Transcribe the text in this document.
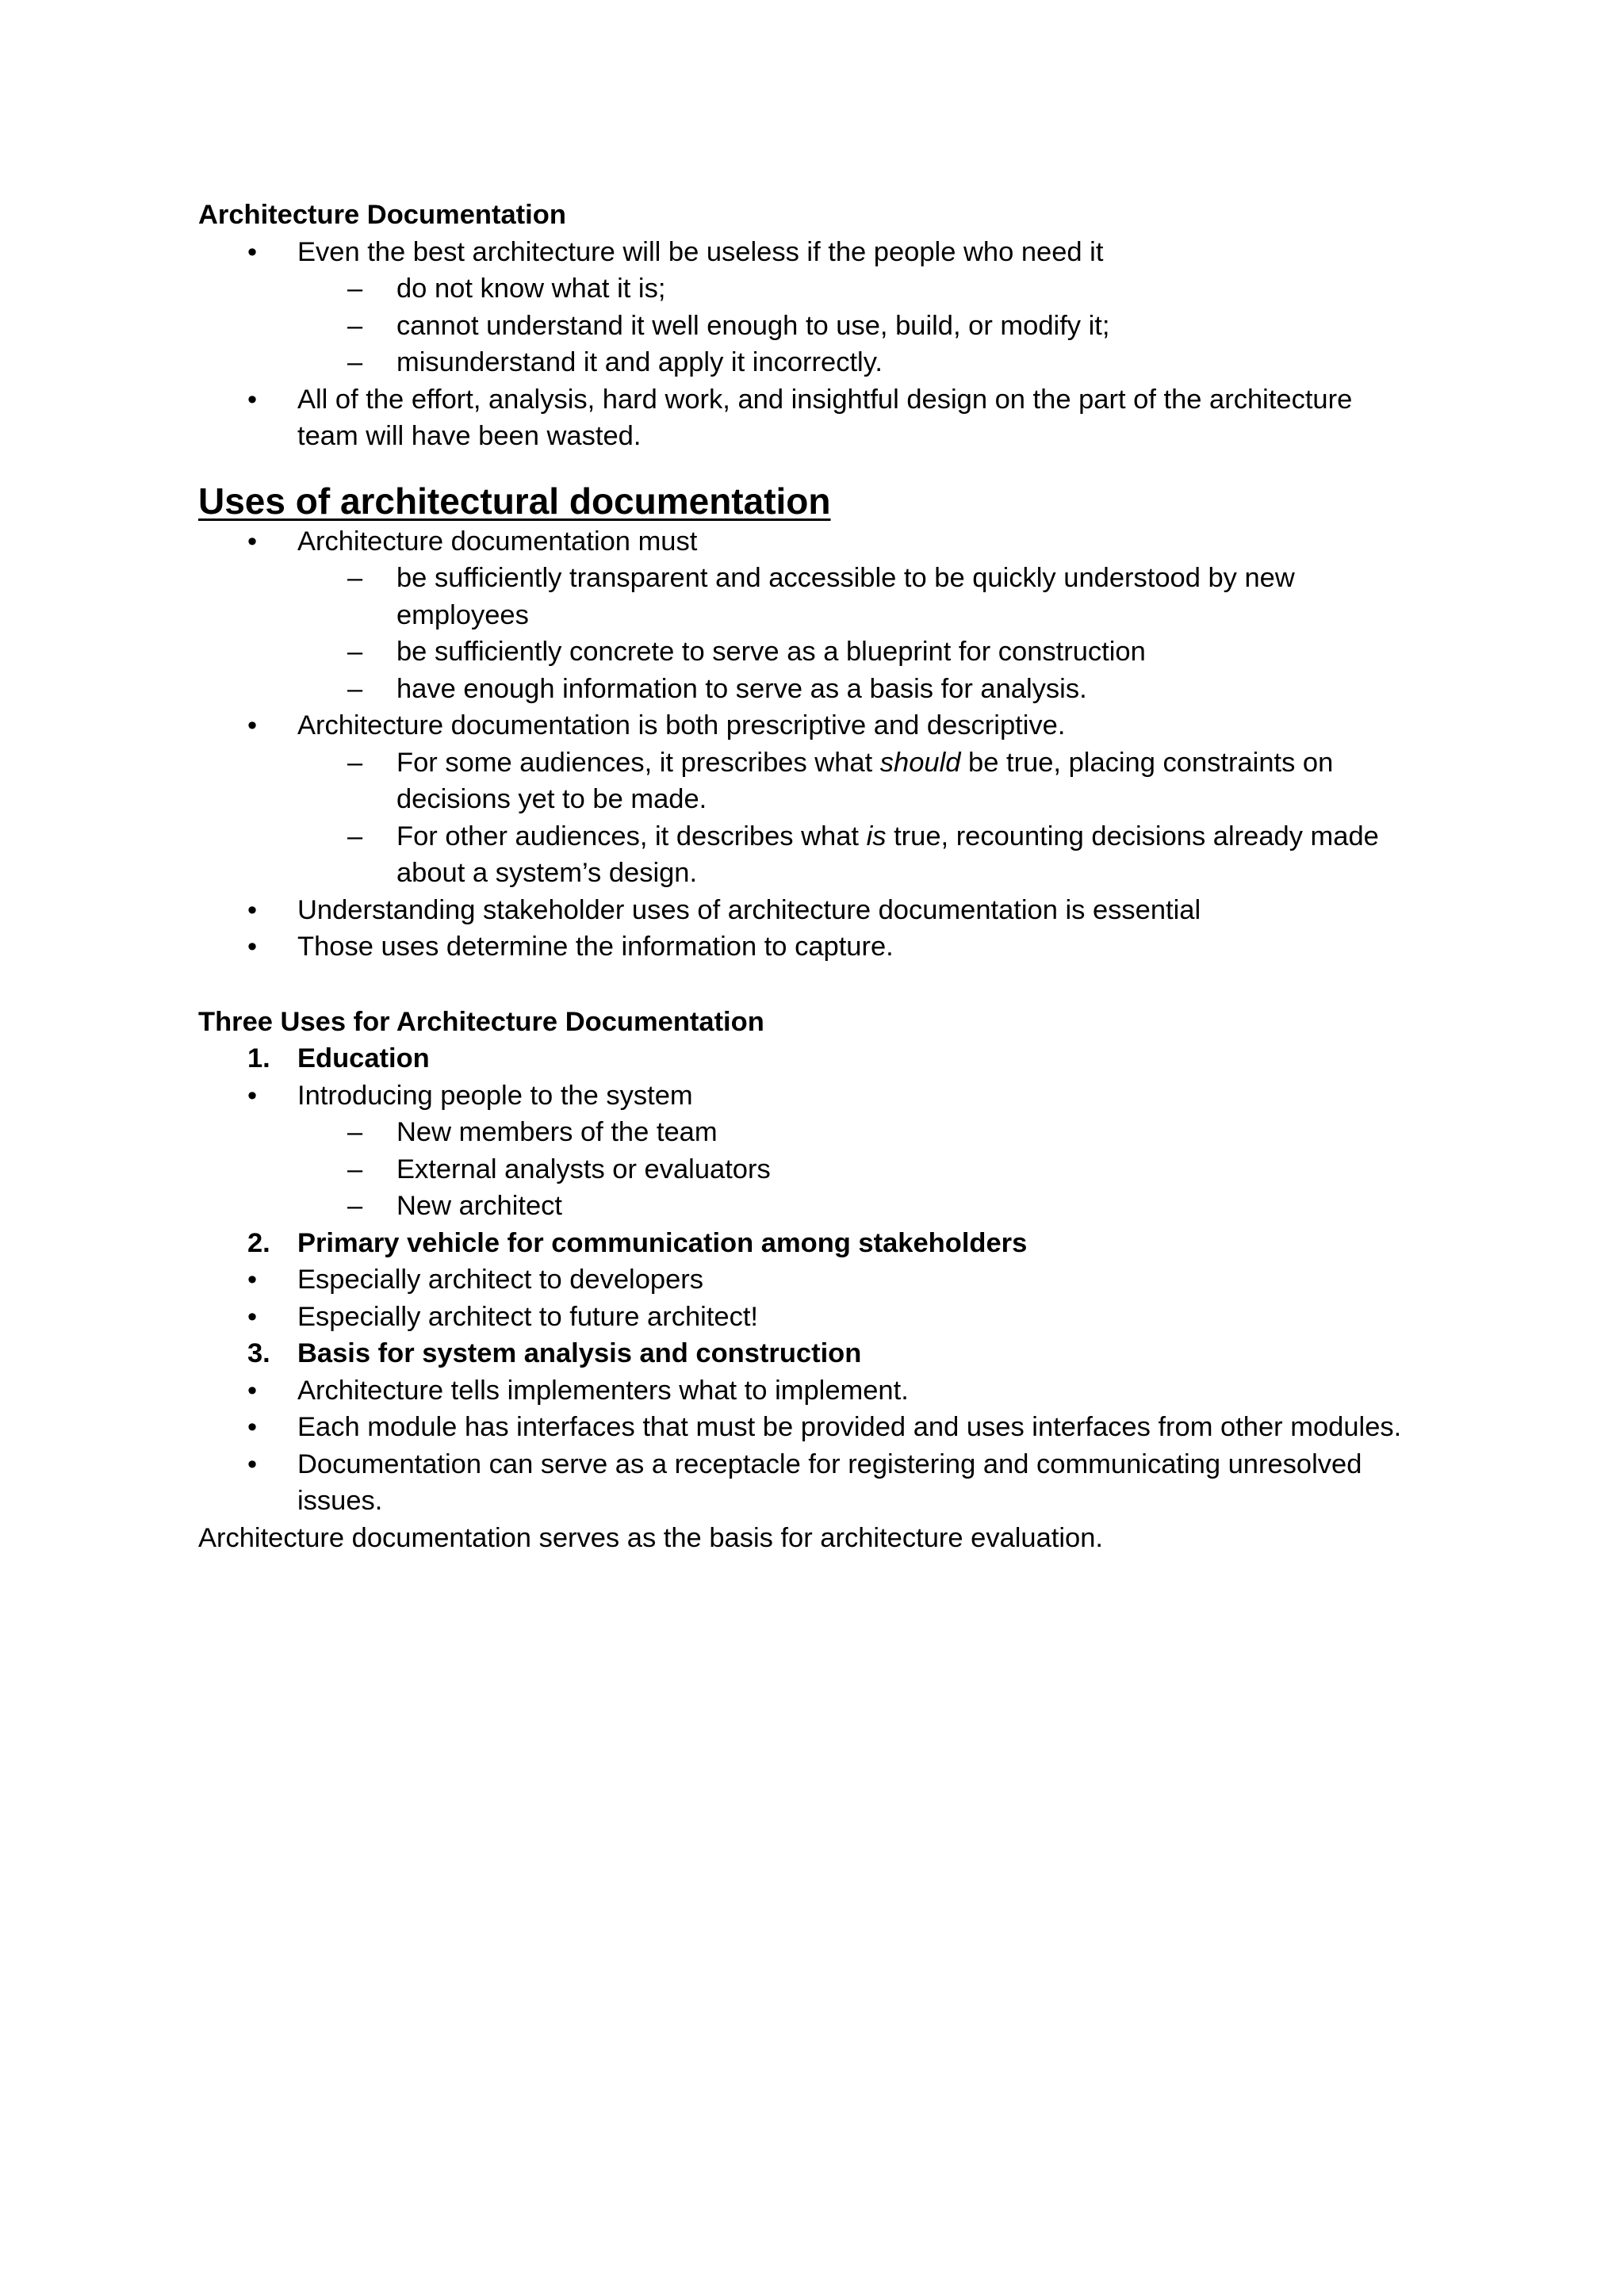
Architecture Documentation

• Even the best architecture will be useless if the people who need it

– do not know what it is;

– cannot understand it well enough to use, build, or modify it;

– misunderstand it and apply it incorrectly.

• All of the effort, analysis, hard work, and insightful design on the part of the architecture

team will have been wasted.

Uses of architectural documentation

• Architecture documentation must

– be sufficiently transparent and accessible to be quickly understood by new

employees

– be sufficiently concrete to serve as a blueprint for construction

– have enough information to serve as a basis for analysis.

• Architecture documentation is both prescriptive and descriptive.

– For some audiences, it prescribes what should be true, placing constraints on

decisions yet to be made.

– For other audiences, it describes what is true, recounting decisions already made

about a system’s design.

• Understanding stakeholder uses of architecture documentation is essential

• Those uses determine the information to capture.

Three Uses for Architecture Documentation

1. Education

• Introducing people to the system

– New members of the team

– External analysts or evaluators

– New architect

2. Primary vehicle for communication among stakeholders

• Especially architect to developers

• Especially architect to future architect!

3. Basis for system analysis and construction

• Architecture tells implementers what to implement.

• Each module has interfaces that must be provided and uses interfaces from other modules.

• Documentation can serve as a receptacle for registering and communicating unresolved

issues.

Architecture documentation serves as the basis for architecture evaluation.
